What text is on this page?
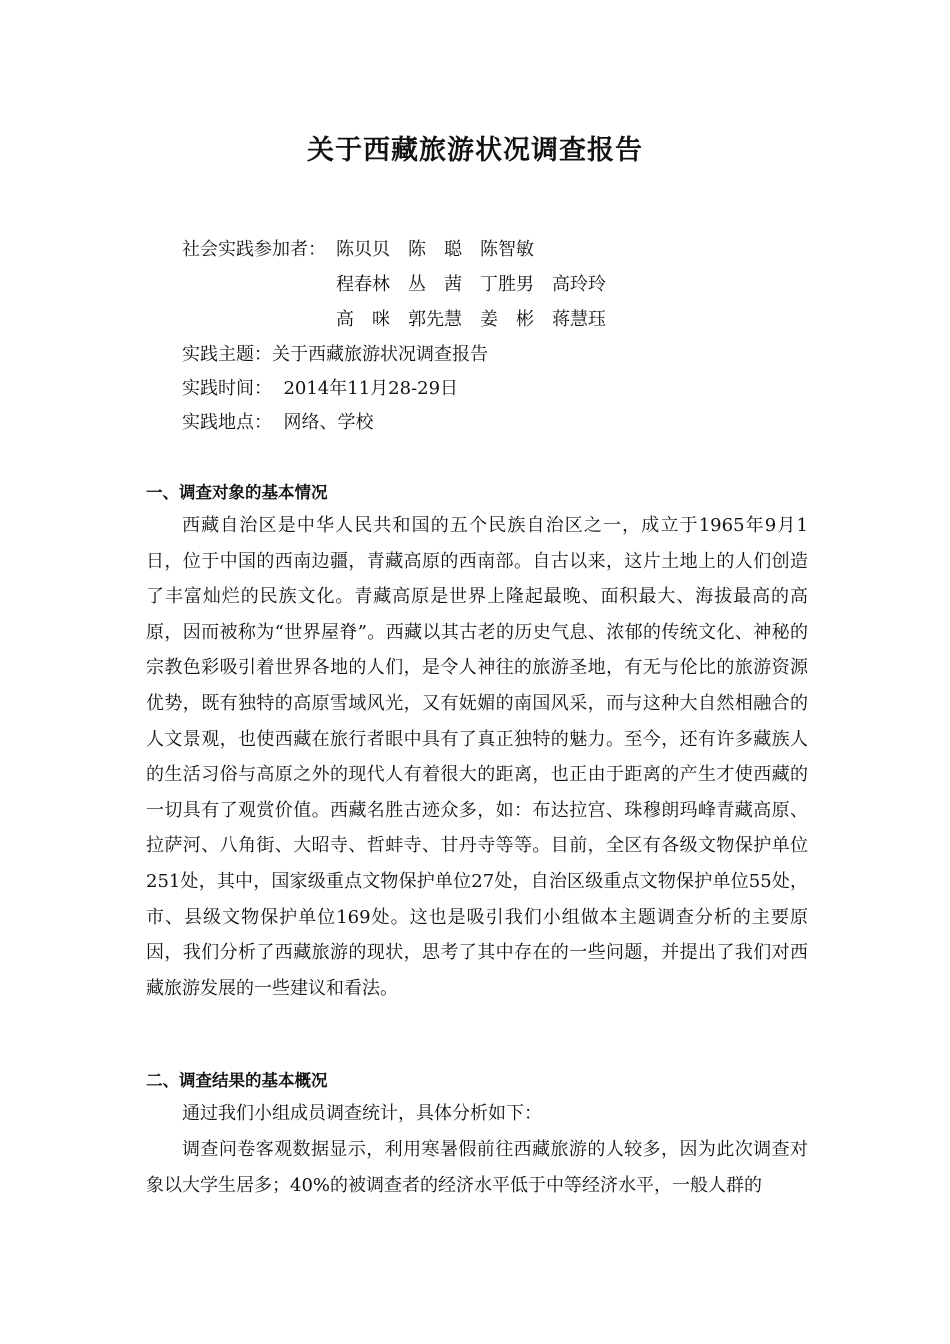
关于西藏旅游状况调查报告
社会实践参加者： 陈贝贝　陈　聪　陈智敏
程春林　丛　茜　丁胜男　高玲玲
高　咪　郭先慧　姜　彬　蒋慧珏
实践主题：关于西藏旅游状况调查报告
实践时间：  2014年11月28-29日
实践地点：  网络、学校
一、调查对象的基本情况

西藏自治区是中华人民共和国的五个民族自治区之一，成立于1965年9月1日，位于中国的西南边疆，青藏高原的西南部。自古以来，这片土地上的人们创造了丰富灿烂的民族文化。青藏高原是世界上隆起最晚、面积最大、海拔最高的高原，因而被称为“世界屋脊”。西藏以其古老的历史气息、浓郁的传统文化、神秘的宗教色彩吸引着世界各地的人们，是令人神往的旅游圣地，有无与伦比的旅游资源优势，既有独特的高原雪域风光，又有妩媚的南国风采，而与这种大自然相融合的人文景观，也使西藏在旅行者眼中具有了真正独特的魅力。至今，还有许多藏族人的生活习俗与高原之外的现代人有着很大的距离，也正由于距离的产生才使西藏的一切具有了观赏价值。西藏名胜古迹众多，如：布达拉宫、珠穆朗玛峰青藏高原、拉萨河、八角街、大昭寺、哲蚌寺、甘丹寺等等。目前，全区有各级文物保护单位251处，其中，国家级重点文物保护单位27处，自治区级重点文物保护单位55处，市、县级文物保护单位169处。这也是吸引我们小组做本主题调查分析的主要原因，我们分析了西藏旅游的现状，思考了其中存在的一些问题，并提出了我们对西藏旅游发展的一些建议和看法。

二、调查结果的基本概况

通过我们小组成员调查统计，具体分析如下：

调查问卷客观数据显示，利用寒暑假前往西藏旅游的人较多，因为此次调查对象以大学生居多；40%的被调查者的经济水平低于中等经济水平，一般人群的
